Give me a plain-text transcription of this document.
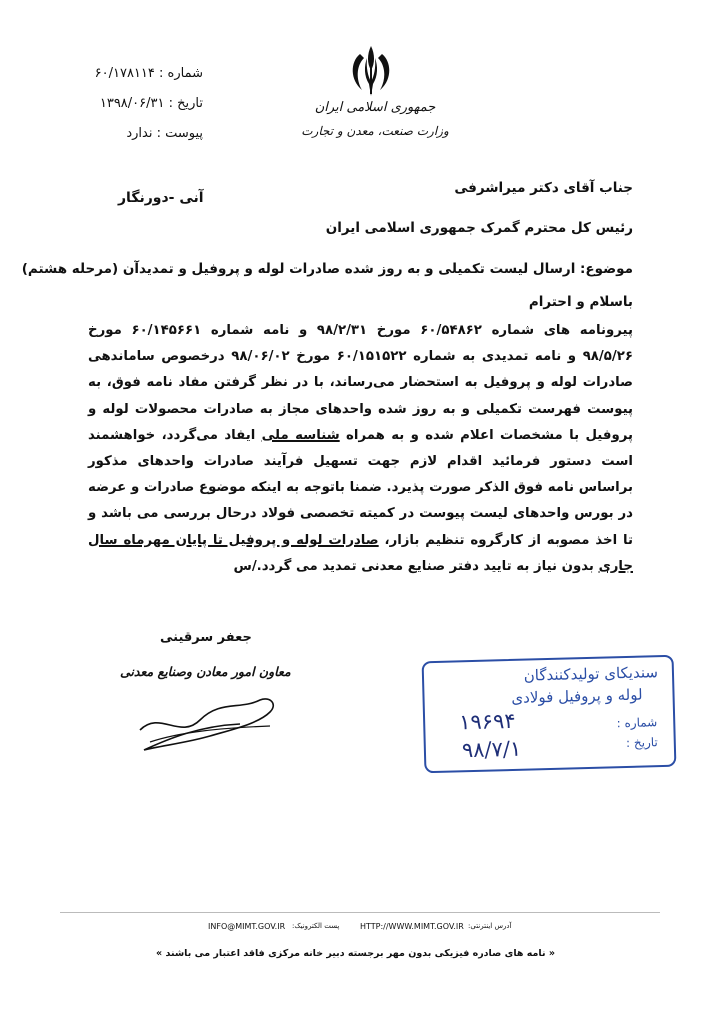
جمهوری اسلامی ایران
وزارت صنعت، معدن و تجارت
شماره : ۶۰/۱۷۸۱۱۴
تاریخ : ۱۳۹۸/۰۶/۳۱
پیوست : ندارد
آنی -دورنگار
جناب آقای دکتر میراشرفی
رئیس کل محترم گمرک جمهوری اسلامی ایران
موضوع: ارسال لیست تکمیلی و به روز شده صادرات لوله و پروفیل و تمدیدآن (مرحله هشتم)
باسلام و احترام
پیرونامه های شماره ۶۰/۵۴۸۶۲ مورخ ۹۸/۲/۳۱ و نامه شماره ۶۰/۱۴۵۶۶۱ مورخ ۹۸/۵/۲۶ و نامه تمدیدی به شماره ۶۰/۱۵۱۵۲۲ مورخ ۹۸/۰۶/۰۲ درخصوص ساماندهی صادرات لوله و پروفیل به استحضار می‌رساند، با در نظر گرفتن مفاد نامه فوق، به پیوست فهرست تکمیلی و به روز شده واحدهای مجاز به صادرات محصولات لوله و پروفیل با مشخصات اعلام شده و به همراه شناسه ملی ایفاد می‌گردد، خواهشمند است دستور فرمائید اقدام لازم جهت تسهیل فرآیند صادرات واحدهای مذکور براساس نامه فوق الذکر صورت پذیرد. ضمنا باتوجه به اینکه موضوع صادرات و عرضه در بورس واحدهای لیست پیوست در کمیته تخصصی فولاد درحال بررسی می باشد و تا اخذ مصوبه از کارگروه تنظیم بازار، صادرات لوله و پروفیل تا پایان مهرماه سال جاری بدون نیاز به تایید دفتر صنایع معدنی تمدید می گردد./س
جعفر سرقینی
معاون امور معادن وصنایع معدنی	سندیکای تولیدکنندگان
لوله و پروفیل فولادی
شماره :
تاریخ :
۱۹۶۹۴
۹۸/۷/۱
INFO@MIMT.GOV.IR پست الکترونیک:	HTTP://WWW.MIMT.GOV.IR آدرس اینترنتی:
« نامه های صادره فیزیکی بدون مهر برجسته دبیر خانه مرکزی فاقد اعتبار می باشند »
